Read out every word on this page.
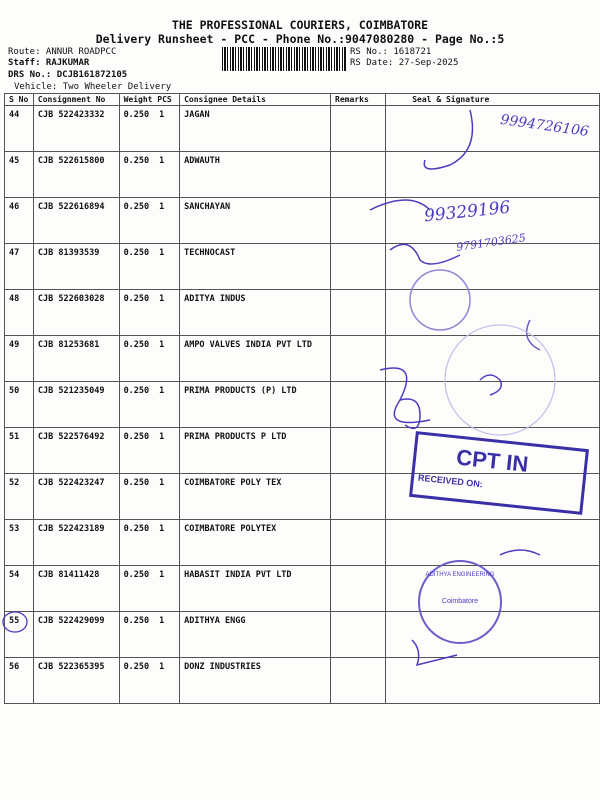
THE PROFESSIONAL COURIERS, COIMBATORE
Delivery Runsheet - PCC - Phone No.:9047080280 - Page No.:5
Route: ANNUR ROADPCC
Staff: RAJKUMAR
DRS No.: DCJB161872105
Vehicle: Two Wheeler Delivery
RS No.: 1618721
RS Date: 27-Sep-2025
S No	Consignment No	Weight PCS	Consignee Details	Remarks	Seal & Signature
44	CJB 522423332	0.250 1	JAGAN		
45	CJB 522615800	0.250 1	ADWAUTH		
46	CJB 522616894	0.250 1	SANCHAYAN		
47	CJB 81393539	0.250 1	TECHNOCAST		
48	CJB 522603028	0.250 1	ADITYA INDUS		
49	CJB 81253681	0.250 1	AMPO VALVES INDIA PVT LTD		
50	CJB 521235049	0.250 1	PRIMA PRODUCTS (P) LTD		
51	CJB 522576492	0.250 1	PRIMA PRODUCTS P LTD		
52	CJB 522423247	0.250 1	COIMBATORE POLY TEX		
53	CJB 522423189	0.250 1	COIMBATORE POLYTEX		
54	CJB 81411428	0.250 1	HABASIT INDIA PVT LTD		
55	CJB 522429099	0.250 1	ADITHYA ENGG		
56	CJB 522365395	0.250 1	DONZ INDUSTRIES		
9994726106
99329196
9791703625
CPT IN
RECEIVED ON:
ADITHYA ENGINEERING
Coimbatore
